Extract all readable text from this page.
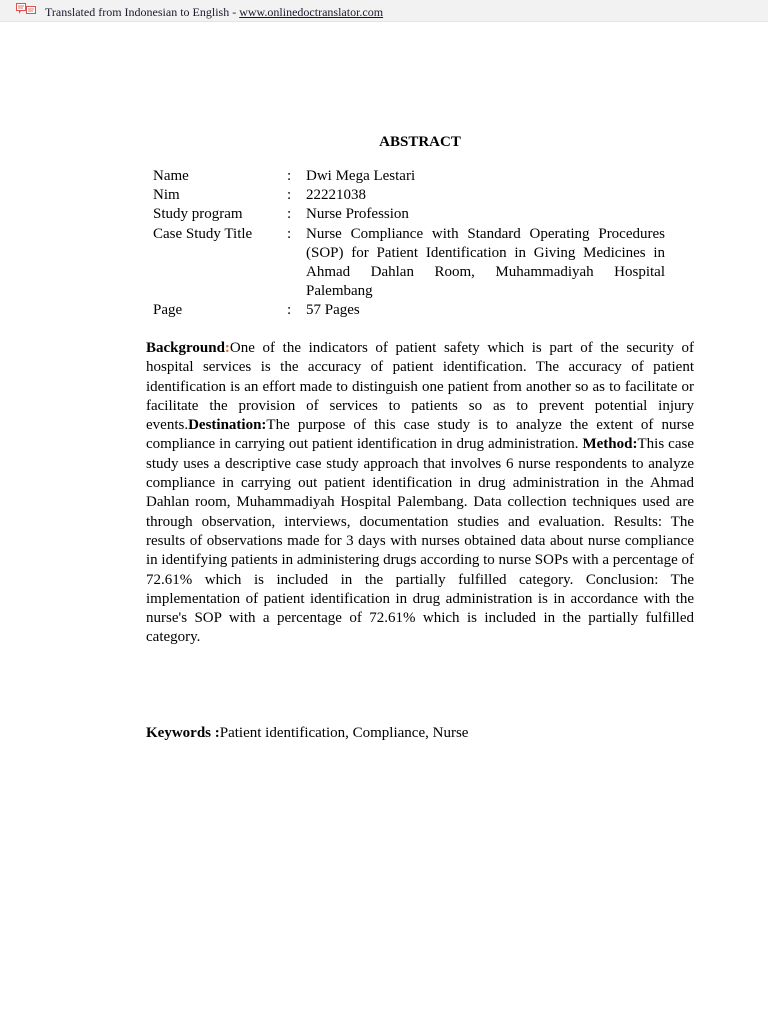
Translated from Indonesian to English - www.onlinedoctranslator.com
ABSTRACT
Name	: Dwi Mega Lestari
Nim	: 22221038
Study program	: Nurse Profession
Case Study Title	: Nurse Compliance with Standard Operating Procedures (SOP) for Patient Identification in Giving Medicines in Ahmad Dahlan Room, Muhammadiyah Hospital Palembang
Page	: 57 Pages
Background:One of the indicators of patient safety which is part of the security of hospital services is the accuracy of patient identification. The accuracy of patient identification is an effort made to distinguish one patient from another so as to facilitate or facilitate the provision of services to patients so as to prevent potential injury events.Destination:The purpose of this case study is to analyze the extent of nurse compliance in carrying out patient identification in drug administration. Method:This case study uses a descriptive case study approach that involves 6 nurse respondents to analyze compliance in carrying out patient identification in drug administration in the Ahmad Dahlan room, Muhammadiyah Hospital Palembang. Data collection techniques used are through observation, interviews, documentation studies and evaluation. Results: The results of observations made for 3 days with nurses obtained data about nurse compliance in identifying patients in administering drugs according to nurse SOPs with a percentage of 72.61% which is included in the partially fulfilled category. Conclusion: The implementation of patient identification in drug administration is in accordance with the nurse's SOP with a percentage of 72.61% which is included in the partially fulfilled category.
Keywords :Patient identification, Compliance, Nurse
